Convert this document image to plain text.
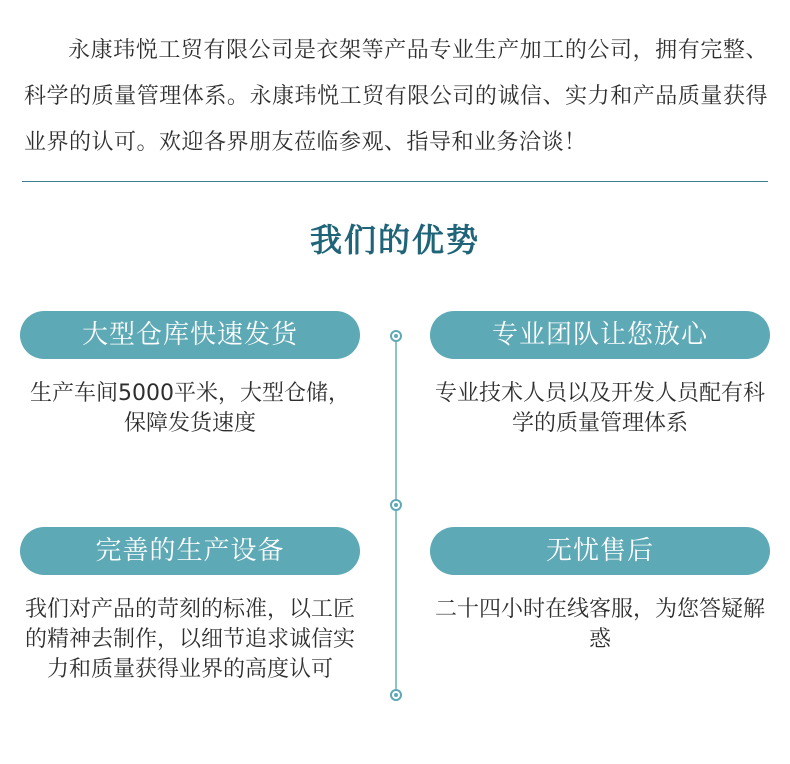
永康玮悦工贸有限公司是衣架等产品专业生产加工的公司，拥有完整、科学的质量管理体系。永康玮悦工贸有限公司的诚信、实力和产品质量获得业界的认可。欢迎各界朋友莅临参观、指导和业务洽谈！

我们的优势
大型仓库快速发货
生产车间5000平米，大型仓储，保障发货速度
专业团队让您放心
专业技术人员以及开发人员配有科学的质量管理体系
完善的生产设备
我们对产品的苛刻的标准，以工匠的精神去制作，以细节追求诚信实力和质量获得业界的高度认可
无忧售后
二十四小时在线客服，为您答疑解惑
